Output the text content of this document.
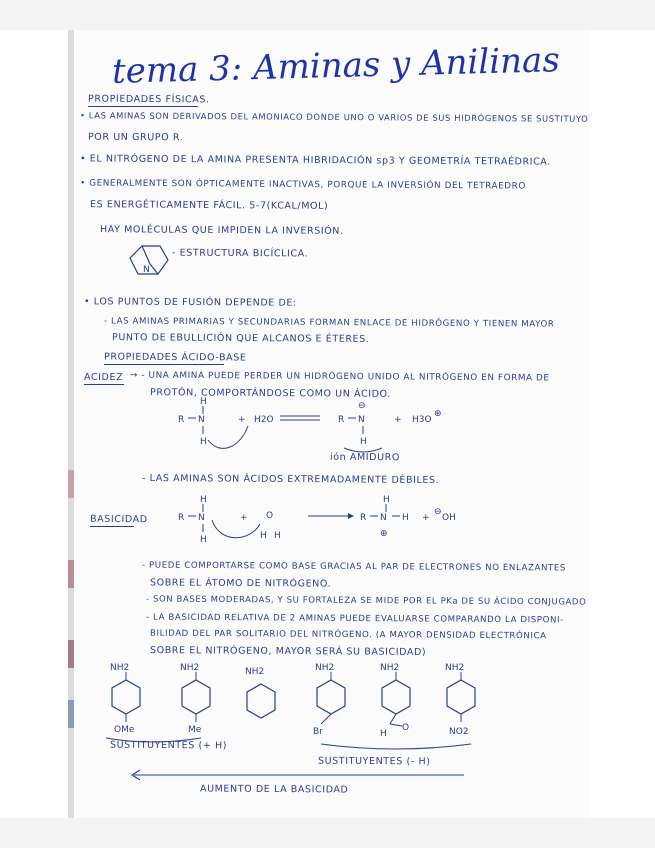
tema 3: Aminas y Anilinas
PROPIEDADES FÍSICAS.
• LAS AMINAS SON DERIVADOS DEL AMONIACO DONDE UNO O VARIOS DE SUS HIDRÓGENOS SE SUSTITUYO
POR UN GRUPO R.
• EL NITRÓGENO DE LA AMINA PRESENTA HIBRIDACIÓN sp3 Y GEOMETRÍA TETRAÉDRICA.
• GENERALMENTE SON ÓPTICAMENTE INACTIVAS, PORQUE LA INVERSIÓN DEL TETRAEDRO
ES ENERGÉTICAMENTE FÁCIL. 5-7(KCAL/MOL)
HAY MOLÉCULAS QUE IMPIDEN LA INVERSIÓN.
N
- ESTRUCTURA BICÍCLICA.
• LOS PUNTOS DE FUSIÓN DEPENDE DE:
- LAS AMINAS PRIMARIAS Y SECUNDARIAS FORMAN ENLACE DE HIDRÓGENO Y TIENEN MAYOR
PUNTO DE EBULLICIÓN QUE ALCANOS E ÉTERES.
PROPIEDADES ÁCIDO-BASE
ACIDEZ → - UNA AMINA PUEDE PERDER UN HIDRÓGENO UNIDO AL NITRÓGENO EN FORMA DE
PROTÓN, COMPORTÁNDOSE COMO UN ÁCIDO.
H
R N
H
+ H2O	R N
⊖
H
+ H3O
⊕
ión AMIDURO
- LAS AMINAS SON ÁCIDOS EXTREMADAMENTE DÉBILES.
BASICIDAD
H
R N
H
+ O
H H
R N
H
⊕
H +
⊖
OH
- PUEDE COMPORTARSE COMO BASE GRACIAS AL PAR DE ELECTRONES NO ENLAZANTES
SOBRE EL ÁTOMO DE NITRÓGENO.
- SON BASES MODERADAS, Y SU FORTALEZA SE MIDE POR EL PKa DE SU ÁCIDO CONJUGADO
- LA BASICIDAD RELATIVA DE 2 AMINAS PUEDE EVALUARSE COMPARANDO LA DISPONI-
BILIDAD DEL PAR SOLITARIO DEL NITRÓGENO. (A MAYOR DENSIDAD ELECTRÓNICA
SOBRE EL NITRÓGENO, MAYOR SERÁ SU BASICIDAD)
NH2
OMe
NH2
Me
NH2	NH2
Br
NH2
H
O
NH2
NO2
SUSTITUYENTES (+ H)
SUSTITUYENTES (- H)
AUMENTO DE LA BASICIDAD
